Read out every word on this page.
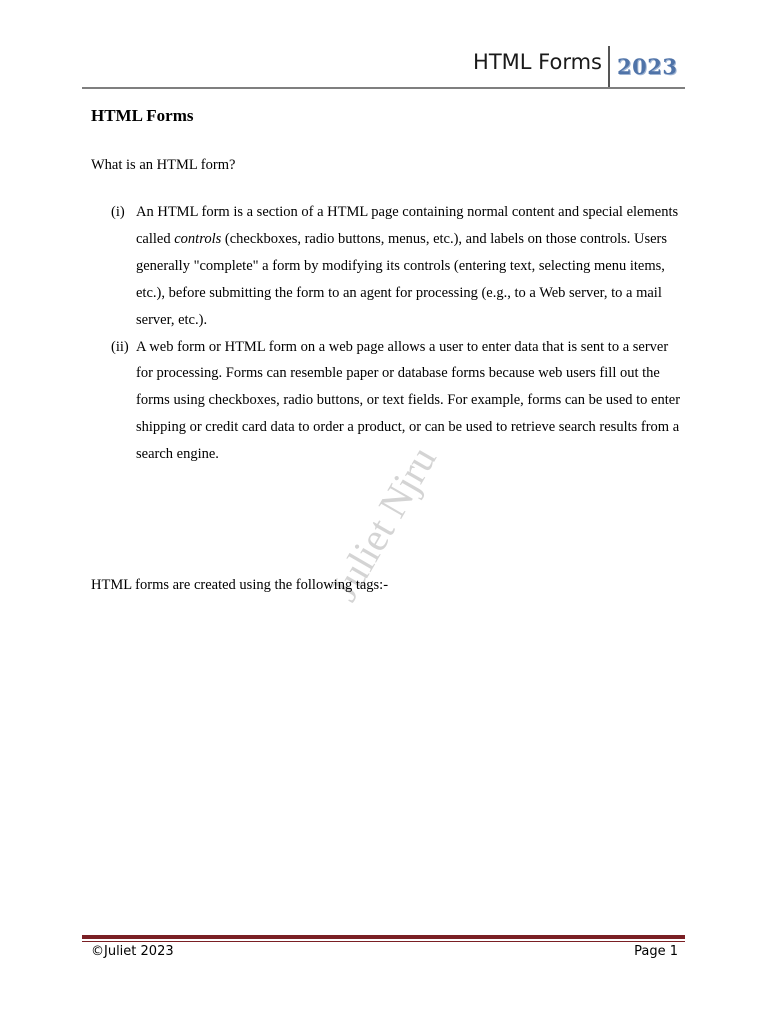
HTML Forms 2023
HTML Forms
What is an HTML form?
(i) An HTML form is a section of a HTML page containing normal content and special elements called controls (checkboxes, radio buttons, menus, etc.), and labels on those controls. Users generally "complete" a form by modifying its controls (entering text, selecting menu items, etc.), before submitting the form to an agent for processing (e.g., to a Web server, to a mail server, etc.).
(ii) A web form or HTML form on a web page allows a user to enter data that is sent to a server for processing. Forms can resemble paper or database forms because web users fill out the forms using checkboxes, radio buttons, or text fields. For example, forms can be used to enter shipping or credit card data to order a product, or can be used to retrieve search results from a search engine.	Juliet Njru
HTML forms are created using the following tags:-
©Juliet 2023	Page 1
